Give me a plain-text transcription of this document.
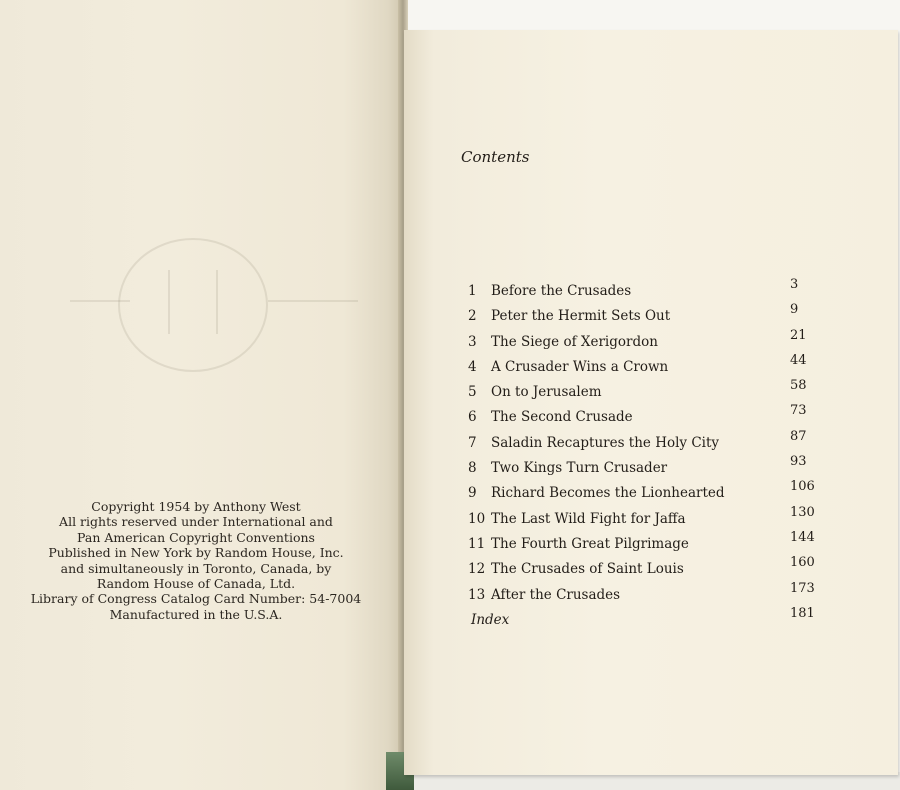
Copyright 1954 by Anthony West
All rights reserved under International and
Pan American Copyright Conventions
Published in New York by Random House, Inc.
and simultaneously in Toronto, Canada, by
Random House of Canada, Ltd.
Library of Congress Catalog Card Number: 54-7004
Manufactured in the U.S.A.
Contents
1	Before the Crusades	3
2	Peter the Hermit Sets Out	9
3	The Siege of Xerigordon	21
4	A Crusader Wins a Crown	44
5	On to Jerusalem	58
6	The Second Crusade	73
7	Saladin Recaptures the Holy City	87
8	Two Kings Turn Crusader	93
9	Richard Becomes the Lionhearted	106
10 The Last Wild Fight for Jaffa	130
11 The Fourth Great Pilgrimage	144
12 The Crusades of Saint Louis	160
13 After the Crusades	173
Index	181
